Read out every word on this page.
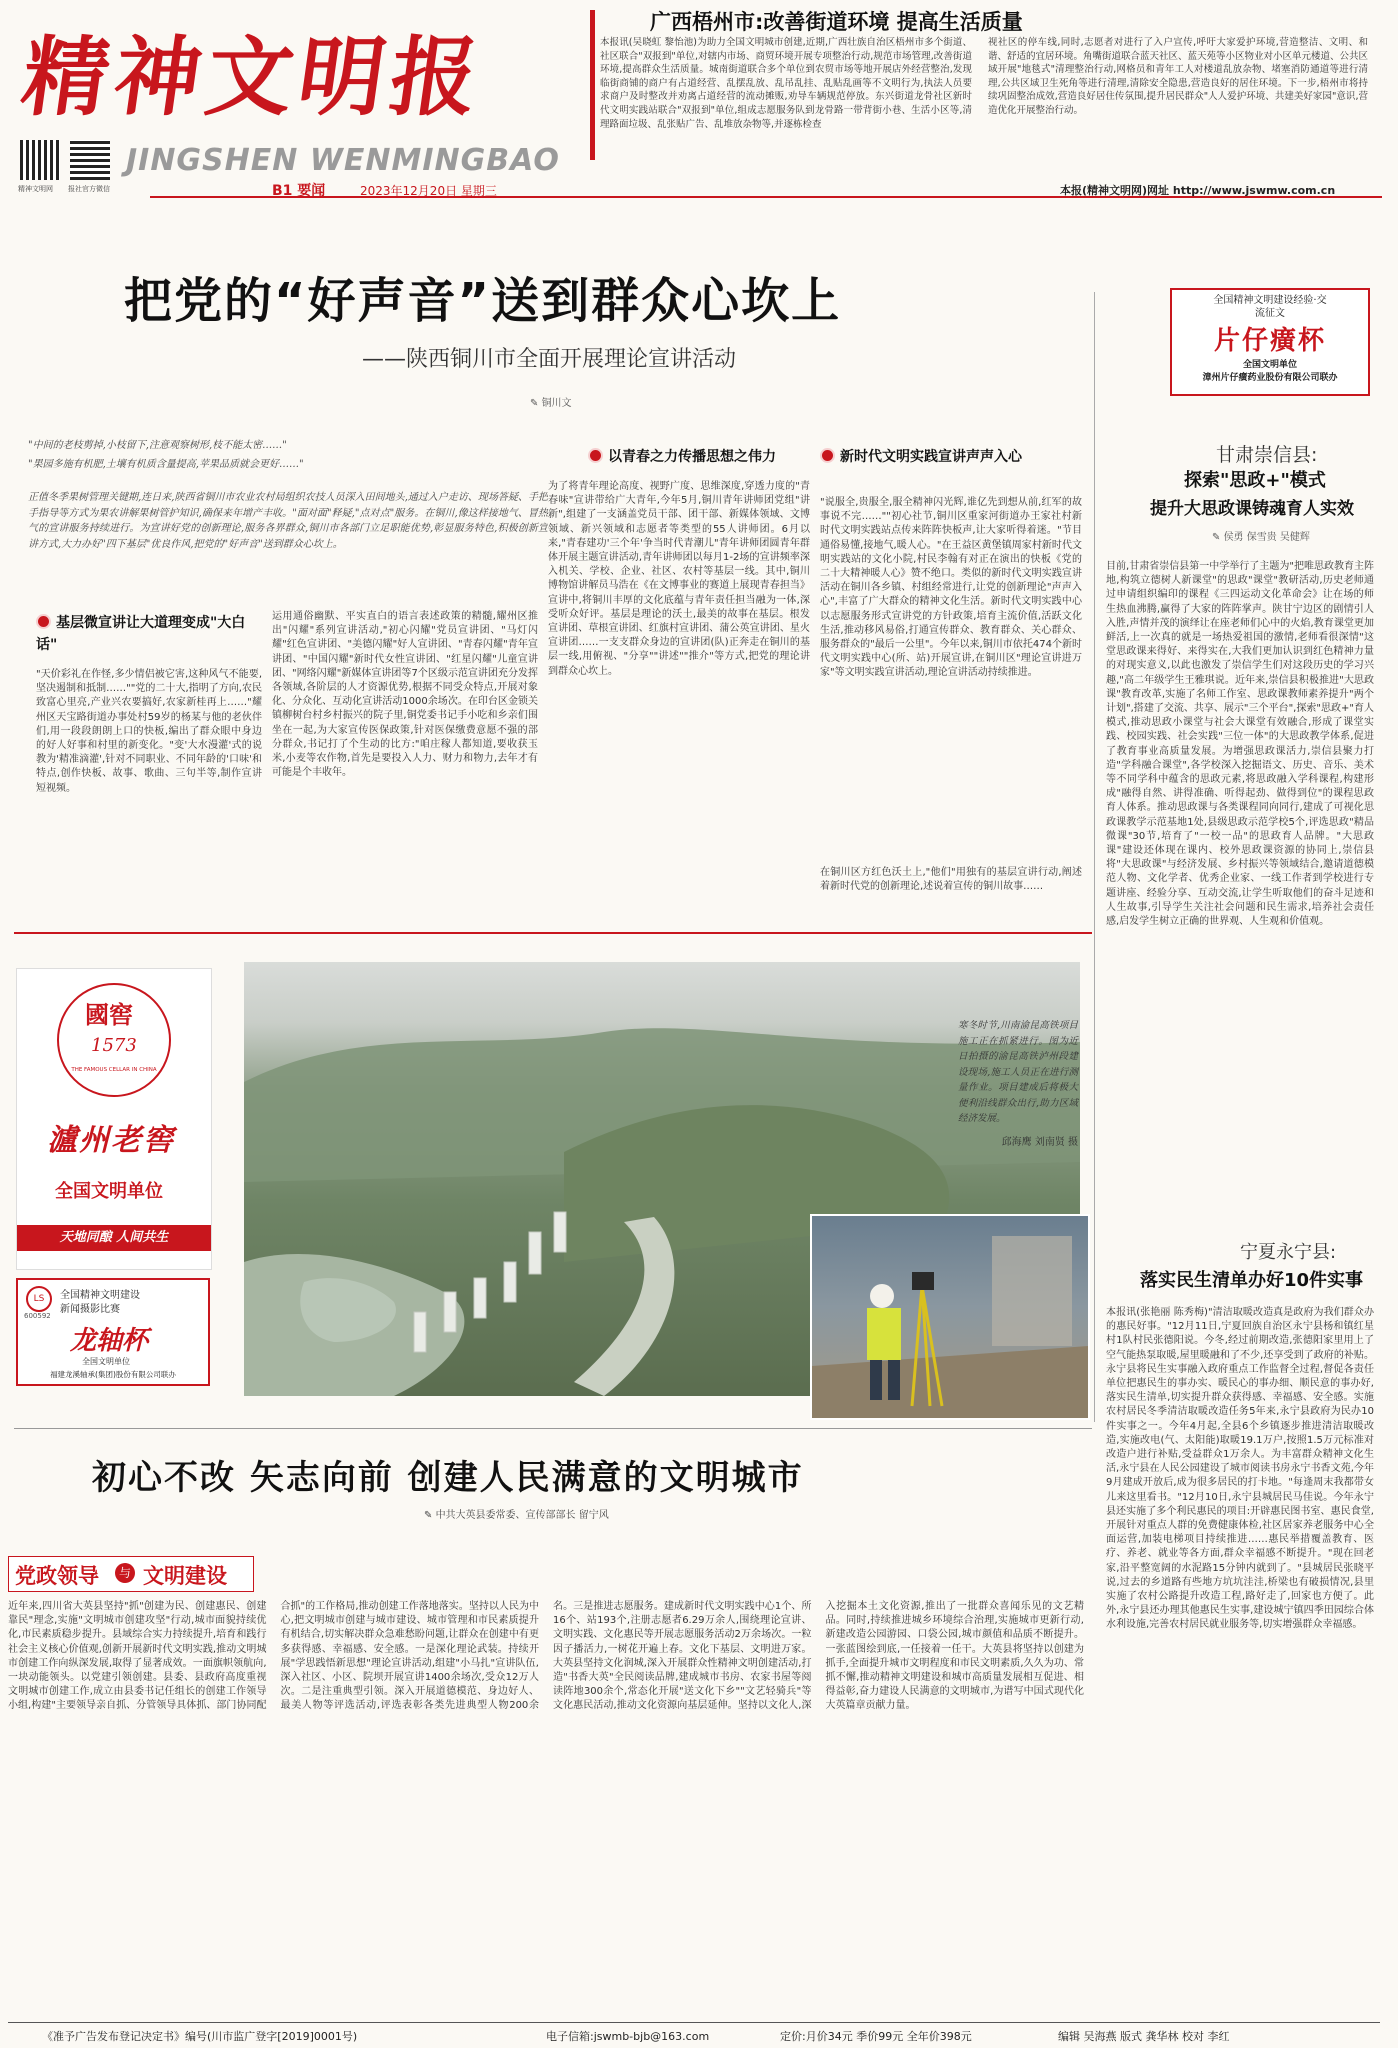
精神文明报
精神文明网 报社官方微信
JINGSHEN WENMINGBAO
广西梧州市:改善街道环境 提高生活质量
本报讯(吴晓虹 黎怡池)为助力全国文明城市创建,近期,广西壮族自治区梧州市多个街道、社区联合"双报到"单位,对辖内市场、商贸环境开展专项整治行动,规范市场管理,改善街道环境,提高群众生活质量。城南街道联合多个单位到农贸市场等地开展店外经营整治,发现临街商铺的商户有占道经营、乱摆乱放、乱吊乱挂、乱贴乱画等不文明行为,执法人员要求商户及时整改并劝离占道经营的流动摊贩,劝导车辆规范停放。东兴街道龙骨社区新时代文明实践站联合"双报到"单位,组成志愿服务队到龙骨路一带背街小巷、生活小区等,清理路面垃圾、乱张贴广告、乱堆放杂物等,并逐栋检查
视社区的停车线,同时,志愿者对进行了入户宣传,呼吁大家爱护环境,营造整洁、文明、和谐、舒适的宜居环境。角嘴街道联合蓝天社区、蓝天苑等小区物业对小区单元楼道、公共区域开展"地毯式"清理整治行动,网格员和青年工人对楼道乱放杂物、堵塞消防通道等进行清理,公共区域卫生死角等进行清理,清除安全隐患,营造良好的居住环境。下一步,梧州市将持续巩固整治成效,营造良好居住传氛围,提升居民群众"人人爱护环境、共建美好家园"意识,营造优化开展整治行动。
B1 要闻	2023年12月20日 星期三	本报(精神文明网)网址 http://www.jswmw.com.cn
把党的“好声音”送到群众心坎上
——陕西铜川市全面开展理论宣讲活动
✎ 铜川文
"中间的老枝剪掉,小枝留下,注意观察树形,枝不能太密……"
"果园多施有机肥,土壤有机质含量提高,苹果品质就会更好……"
正值冬季果树管理关键期,连日来,陕西省铜川市农业农村局组织农技人员深入田间地头,通过入户走访、现场答疑、手把手指导等方式为果农讲解果树管护知识,确保来年增产丰收。"面对面"释疑,"点对点"服务。在铜川,像这样接地气、冒热气的宣讲服务持续进行。为宣讲好党的创新理论,服务各界群众,铜川市各部门立足职能优势,彰显服务特色,积极创新宣讲方式,大力办好"四下基层"优良作风,把党的"好声音"送到群众心坎上。
基层微宣讲让大道理变成"大白话"
"天价彩礼在作怪,多少情侣被它害,这种风气不能要,坚决遏制和抵制……""党的二十大,指明了方向,农民致富心里亮,产业兴农要搞好,农家新桂再上……"耀州区天宝路街道办事处村59岁的杨某与他的老伙伴们,用一段段朗朗上口的快板,编出了群众眼中身边的好人好事和村里的新变化。"变'大水漫灌'式的说教为'精准滴灌',针对不同职业、不同年龄的'口味'和特点,创作快板、故事、歌曲、三句半等,制作宣讲短视频。
运用通俗幽默、平实直白的语言表述政策的精髓,耀州区推出"闪耀"系列宣讲活动,"初心闪耀"党员宣讲团、"马灯闪耀"红色宣讲团、"美德闪耀"好人宣讲团、"青春闪耀"青年宣讲团、"中国闪耀"新时代女性宣讲团、"红星闪耀"儿童宣讲团、"网络闪耀"新媒体宣讲团等7个区级示范宣讲团充分发挥各领域,各阶层的人才资源优势,根据不同受众特点,开展对象化、分众化、互动化宣讲活动1000余场次。在印台区金锁关镇柳树台村乡村振兴的院子里,铜党委书记手小吃和乡亲们围坐在一起,为大家宣传医保政策,针对医保缴费意愿不强的部分群众,书记打了个生动的比方:"咱庄稼人都知道,要收获玉米,小麦等农作物,首先是要投入人力、财力和物力,去年才有可能是个丰收年。
以青春之力传播思想之伟力
为了将青年理论高度、视野广度、思维深度,穿透力度的"青春味"宣讲带给广大青年,今年5月,铜川青年讲师团党组"讲新",组建了一支涵盖党员干部、团干部、新媒体领域、文博领域、新兴领域和志愿者等类型的55人讲师团。6月以来,"青春建功'三个年'争当时代青潮儿"青年讲师团圆青年群体开展主题宣讲活动,青年讲师团以每月1-2场的宣讲频率深入机关、学校、企业、社区、农村等基层一线。其中,铜川博物馆讲解员马浩在《在文博事业的赛道上展现青春担当》宣讲中,将铜川丰厚的文化底蕴与青年责任担当融为一体,深受听众好评。基层是理论的沃土,最美的故事在基层。根发宣讲团、草根宣讲团、红旗村宣讲团、蒲公英宣讲团、星火宣讲团……一支支群众身边的宣讲团(队)正奔走在铜川的基层一线,用俯视、"分享""讲述""推介"等方式,把党的理论讲到群众心坎上。
新时代文明实践宣讲声声入心
"说服全,贵服全,服全精神闪光辉,谁亿先到想从前,红军的故事说不完……""初心社节,铜川区重家河街道办王家社村新时代文明实践站点传来阵阵快板声,让大家听得着迷。"节目通俗易懂,接地气,暖人心。"在王益区黄堡镇周家村新时代文明实践站的文化小院,村民李翰有对正在演出的快板《党的二十大精神暖人心》赞不绝口。类似的新时代文明实践宣讲活动在铜川各乡镇、村组经常进行,让党的创新理论"声声入心",丰富了广大群众的精神文化生活。新时代文明实践中心以志愿服务形式宣讲党的方针政策,培育主流价值,活跃文化生活,推动移风易俗,打通宣传群众、教育群众、关心群众、服务群众的"最后一公里"。今年以来,铜川市依托474个新时代文明实践中心(所、站)开展宣讲,在铜川区"理论宣讲进万家"等文明实践宣讲活动,理论宣讲活动持续推进。
在铜川区方红色沃土上,"他们"用独有的基层宣讲行动,阐述着新时代党的创新理论,述说着宣传的铜川故事……
全国精神文明建设经验·交流征文
片仔癀杯
全国文明单位
漳州片仔癀药业股份有限公司联办
甘肃崇信县:
探索"思政+"模式
提升大思政课铸魂育人实效
✎ 侯勇 保雪贵 吴健辉
目前,甘肃省崇信县第一中学举行了主题为"把唯思政教育主阵地,构筑立德树人新课堂"的思政"课堂"教研活动,历史老师通过申请组织编印的课程《三四运动文化革命会》让在场的师生热血沸腾,赢得了大家的阵阵掌声。陕甘宁边区的剧情引人入胜,声情并茂的演绎让在座老师们心中的火焰,教育课堂更加鲜活,上一次真的就是一场热爱祖国的激情,老师看很深情"这堂思政课来得好、来得实在,大我们更加认识到红色精神力量的对现实意义,以此也激发了崇信学生们对这段历史的学习兴趣,"高二年级学生王雅琪说。近年来,崇信县积极推进"大思政课"教育改革,实施了名师工作室、思政课教师素养提升"两个计划",搭建了交流、共享、展示"三个平台",探索"思政+"育人模式,推动思政小课堂与社会大课堂有效融合,形成了课堂实践、校园实践、社会实践"三位一体"的大思政教学体系,促进了教育事业高质量发展。为增强思政课活力,崇信县聚力打造"学科融合课堂",各学校深入挖掘语文、历史、音乐、美术等不同学科中蕴含的思政元素,将思政融入学科课程,构建形成"融得自然、讲得准确、听得起劲、做得到位"的课程思政育人体系。推动思政课与各类课程同向同行,建成了可视化思政课教学示范基地1处,县级思政示范学校5个,评选思政"精品微课"30节,培育了"一校一品"的思政育人品牌。"大思政课"建设还体现在课内、校外思政课资源的协同上,崇信县将"大思政课"与经济发展、乡村振兴等领域结合,邀请道德模范人物、文化学者、优秀企业家、一线工作者到学校进行专题讲座、经验分享、互动交流,让学生听取他们的奋斗足迹和人生故事,引导学生关注社会问题和民生需求,培养社会责任感,启发学生树立正确的世界观、人生观和价值观。
宁夏永宁县:
落实民生清单办好10件实事
本报讯(张艳丽 陈秀梅)"清洁取暖改造真是政府为我们群众办的惠民好事。"12月11日,宁夏回族自治区永宁县杨和镇红星村1队村民张德阳说。今冬,经过前期改造,张德阳家里用上了空气能热泵取暖,屋里暖融和了不少,还享受到了政府的补贴。永宁县将民生实事融入政府重点工作监督全过程,督促各责任单位把惠民生的事办实、暖民心的事办细、顺民意的事办好,落实民生清单,切实提升群众获得感、幸福感、安全感。实施农村居民冬季清洁取暖改造任务5年来,永宁县政府为民办10件实事之一。今年4月起,全县6个乡镇逐步推进清洁取暖改造,实施改电(气、太阳能)取暖19.1万户,按照1.5万元标准对改造户进行补贴,受益群众1万余人。为丰富群众精神文化生活,永宁县在人民公园建设了城市阅读书房永宁书香文苑,今年9月建成开放后,成为很多居民的打卡地。"每逢周末我都带女儿来这里看书。"12月10日,永宁县城居民马佳说。今年永宁县还实施了多个利民惠民的项目:开辟惠民图书室、惠民食堂,开展针对重点人群的免费健康体检,社区居家养老服务中心全面运营,加装电梯项目持续推进……惠民举措覆盖教育、医疗、养老、就业等各方面,群众幸福感不断提升。"现在回老家,沿平整宽阔的水泥路15分钟内就到了。"县城居民张晓平说,过去的乡道路有些地方坑坑洼洼,桥梁也有破损情况,县里实施了农村公路提升改造工程,路好走了,回家也方便了。此外,永宁县还办理其他惠民生实事,建设城宁镇四季田园综合体水利设施,完善农村居民就业服务等,切实增强群众幸福感。
國窖
1573
THE FAMOUS CELLAR IN CHINA
瀘州老窖
全国文明单位
天地同酿 人间共生
LS
600592
全国精神文明建设
新闻摄影比赛
龙轴杯
全国文明单位
福建龙溪轴承(集团)股份有限公司联办
寒冬时节,川南渝昆高铁项目施工正在抓紧进行。图为近日拍摄的渝昆高铁泸州段建设现场,施工人员正在进行测量作业。项目建成后将极大便利沿线群众出行,助力区域经济发展。
邱海鹰 刘南贤 摄
初心不改 矢志向前 创建人民满意的文明城市
✎ 中共大英县委常委、宣传部部长 留宁风
党政领导	与 文明建设
近年来,四川省大英县坚持"抓"创建为民、创建惠民、创建靠民"理念,实施"文明城市创建攻坚"行动,城市面貌持续优化,市民素质稳步提升。县域综合实力持续提升,培育和践行社会主义核心价值观,创新开展新时代文明实践,推动文明城市创建工作向纵深发展,取得了显著成效。一面旗帜领航向,一块动能领头。以党建引领创建。县委、县政府高度重视文明城市创建工作,成立由县委书记任组长的创建工作领导小组,构建"主要领导亲自抓、分管领导具体抓、部门协同配合抓"的工作格局,推动创建工作落地落实。坚持以人民为中心,把文明城市创建与城市建设、城市管理和市民素质提升有机结合,切实解决群众急难愁盼问题,让群众在创建中有更多获得感、幸福感、安全感。一是深化理论武装。持续开展"学思践悟新思想"理论宣讲活动,组建"小马扎"宣讲队伍,深入社区、小区、院坝开展宣讲1400余场次,受众12万人次。二是注重典型引领。深入开展道德模范、身边好人、最美人物等评选活动,评选表彰各类先进典型人物200余名。三是推进志愿服务。建成新时代文明实践中心1个、所16个、站193个,注册志愿者6.29万余人,围绕理论宣讲、文明实践、文化惠民等开展志愿服务活动2万余场次。一粒因子播活力,一树花开遍上春。文化下基层、文明进万家。大英县坚持文化润城,深入开展群众性精神文明创建活动,打造"书香大英"全民阅读品牌,建成城市书房、农家书屋等阅读阵地300余个,常态化开展"送文化下乡""文艺轻骑兵"等文化惠民活动,推动文化资源向基层延伸。坚持以文化人,深入挖掘本土文化资源,推出了一批群众喜闻乐见的文艺精品。同时,持续推进城乡环境综合治理,实施城市更新行动,新建改造公园游园、口袋公园,城市颜值和品质不断提升。一张蓝图绘到底,一任接着一任干。大英县将坚持以创建为抓手,全面提升城市文明程度和市民文明素质,久久为功、常抓不懈,推动精神文明建设和城市高质量发展相互促进、相得益彰,奋力建设人民满意的文明城市,为谱写中国式现代化大英篇章贡献力量。
《准予广告发布登记决定书》编号(川市监广登字[2019]0001号)	电子信箱:jswmb-bjb@163.com	定价:月价34元 季价99元 全年价398元	编辑 吴海燕 版式 龚华林 校对 李红
